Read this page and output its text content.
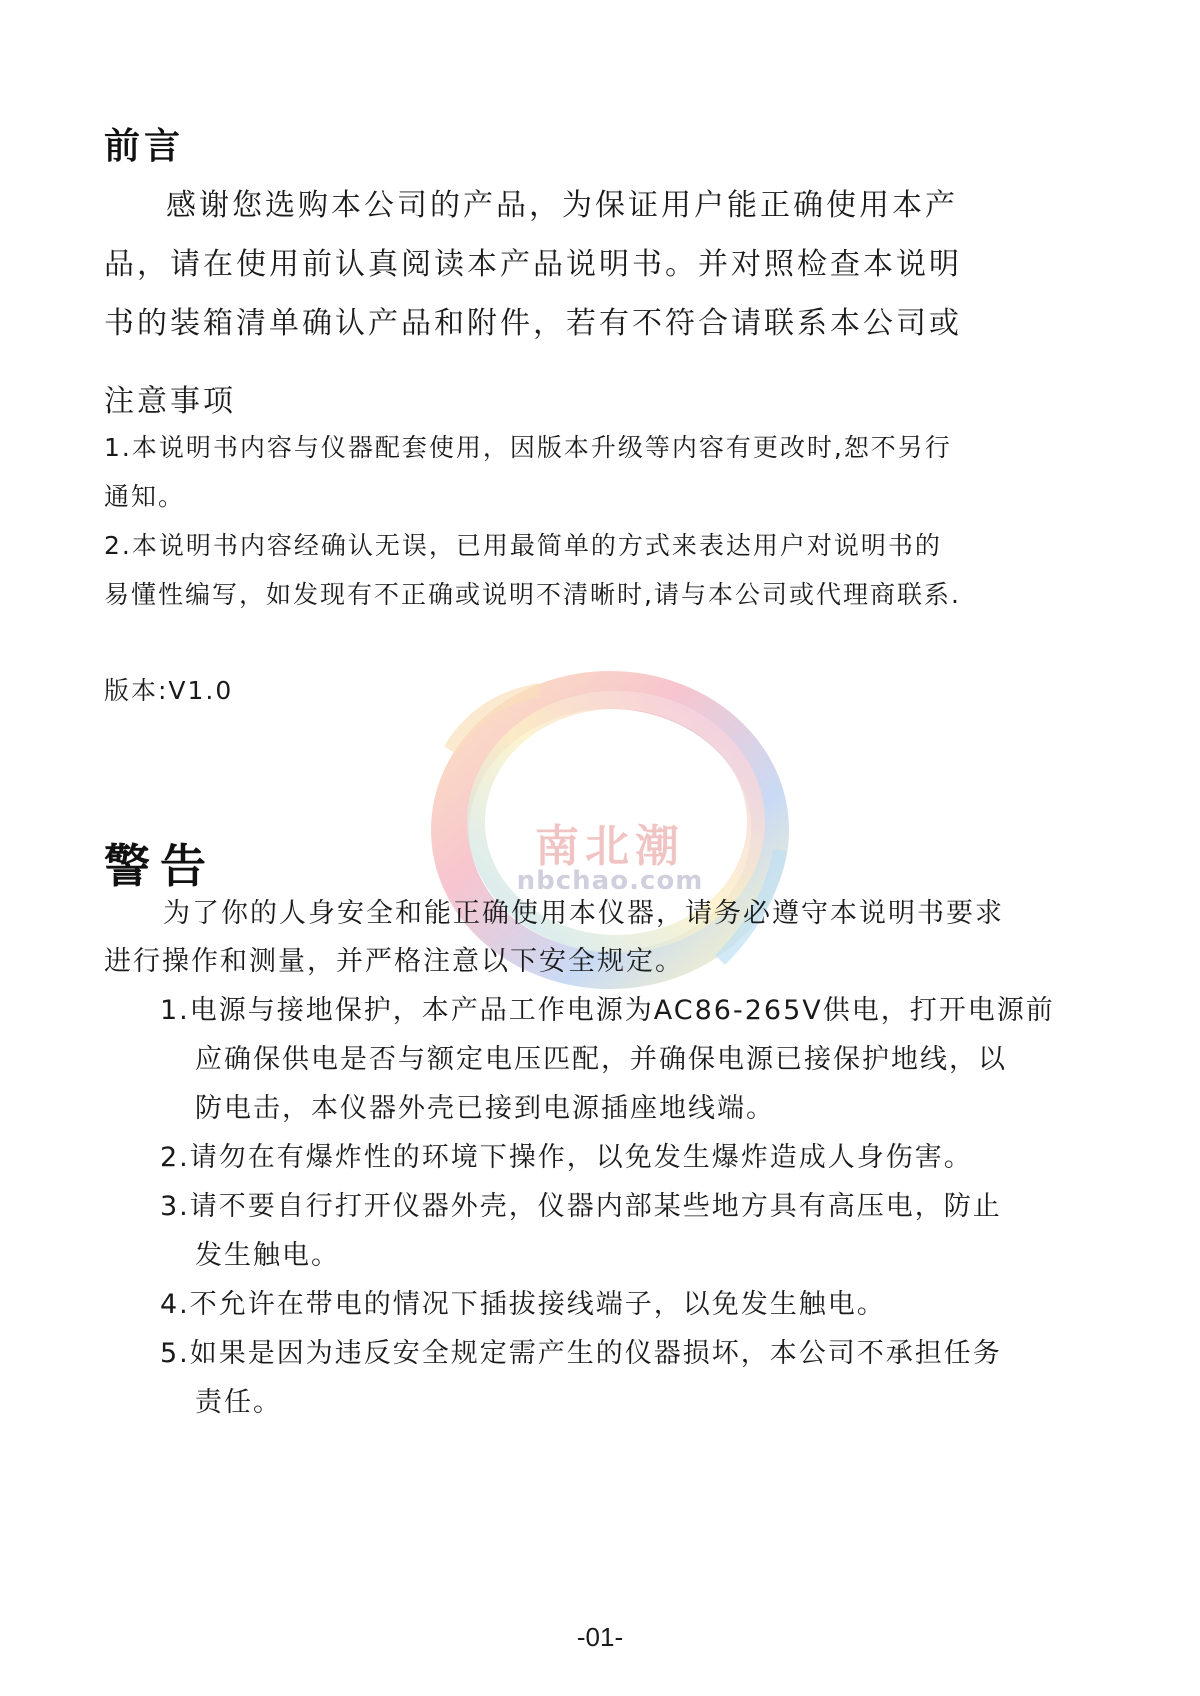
前言
感谢您选购本公司的产品，为保证用户能正确使用本产
品，请在使用前认真阅读本产品说明书。并对照检查本说明
书的装箱清单确认产品和附件，若有不符合请联系本公司或
注意事项
1.本说明书内容与仪器配套使用，因版本升级等内容有更改时,恕不另行
通知。
2.本说明书内容经确认无误，已用最简单的方式来表达用户对说明书的
易懂性编写，如发现有不正确或说明不清晰时,请与本公司或代理商联系.
版本:V1.0
南北潮
nbchao.com
警告
为了你的人身安全和能正确使用本仪器，请务必遵守本说明书要求
进行操作和测量，并严格注意以下安全规定。
1.电源与接地保护，本产品工作电源为AC86-265V供电，打开电源前
应确保供电是否与额定电压匹配，并确保电源已接保护地线，以
防电击，本仪器外壳已接到电源插座地线端。
2.请勿在有爆炸性的环境下操作，以免发生爆炸造成人身伤害。
3.请不要自行打开仪器外壳，仪器内部某些地方具有高压电，防止
发生触电。
4.不允许在带电的情况下插拔接线端子，以免发生触电。
5.如果是因为违反安全规定需产生的仪器损坏，本公司不承担任务
责任。
-01-
